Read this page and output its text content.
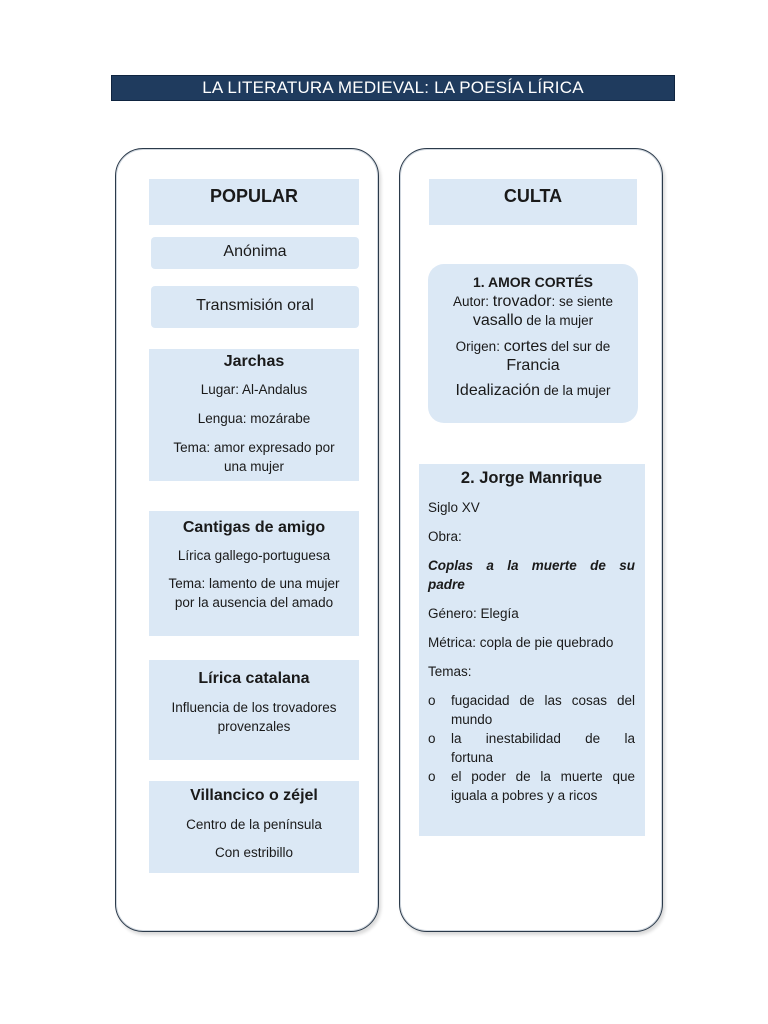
LA LITERATURA MEDIEVAL: LA POESÍA LÍRICA
POPULAR
Anónima
Transmisión oral
Jarchas
Lugar: Al-Andalus
Lengua: mozárabe
Tema: amor expresado por
una mujer
Cantigas de amigo
Lírica gallego-portuguesa
Tema: lamento de una mujer
por la ausencia del amado
Lírica catalana
Influencia de los trovadores
provenzales
Villancico o zéjel
Centro de la península
Con estribillo
CULTA
1. AMOR CORTÉS
Autor: trovador: se siente
vasallo de la mujer
Origen: cortes del sur de
Francia
Idealización de la mujer
2. Jorge Manrique
Siglo XV
Obra:
Coplas a la muerte de su
padre
Género: Elegía
Métrica: copla de pie quebrado
Temas:
o fugacidad de las cosas del
mundo
o la inestabilidad de la
fortuna
o el poder de la muerte que
iguala a pobres y a ricos
